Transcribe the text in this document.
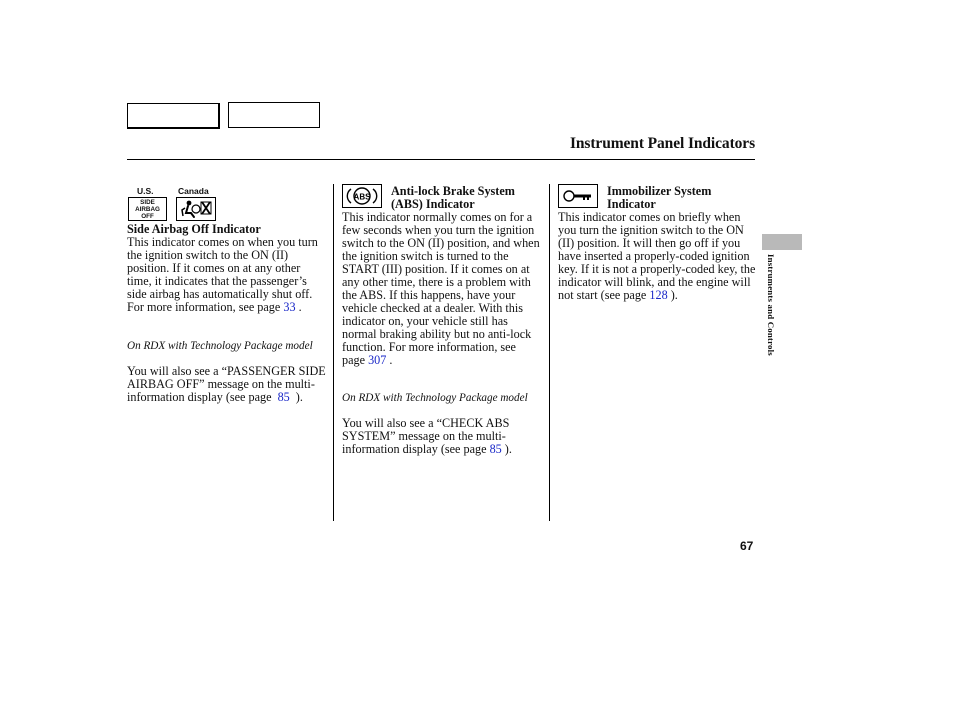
Instrument Panel Indicators
U.S.	Canada
SIDE
AIRBAG
OFF
Side Airbag Off Indicator
This indicator comes on when you turn the ignition switch to the ON (II) position. If it comes on at any other time, it indicates that the passenger’s side airbag has automatically shut off. For more information, see page 33 .
On RDX with Technology Package model
You will also see a “PASSENGER SIDE AIRBAG OFF” message on the multi-information display (see page 85 ).
ABS Anti-lock Brake System (ABS) Indicator
This indicator normally comes on for a few seconds when you turn the ignition switch to the ON (II) position, and when the ignition switch is turned to the START (III) position. If it comes on at any other time, there is a problem with the ABS. If this happens, have your vehicle checked at a dealer. With this indicator on, your vehicle still has normal braking ability but no anti-lock function. For more information, see page 307 .
On RDX with Technology Package model
You will also see a “CHECK ABS SYSTEM” message on the multi-information display (see page 85 ).
Immobilizer System Indicator
This indicator comes on briefly when you turn the ignition switch to the ON (II) position. It will then go off if you have inserted a properly-coded ignition key. If it is not a properly-coded key, the indicator will blink, and the engine will not start (see page 128 ).	Instruments and Controls
67
